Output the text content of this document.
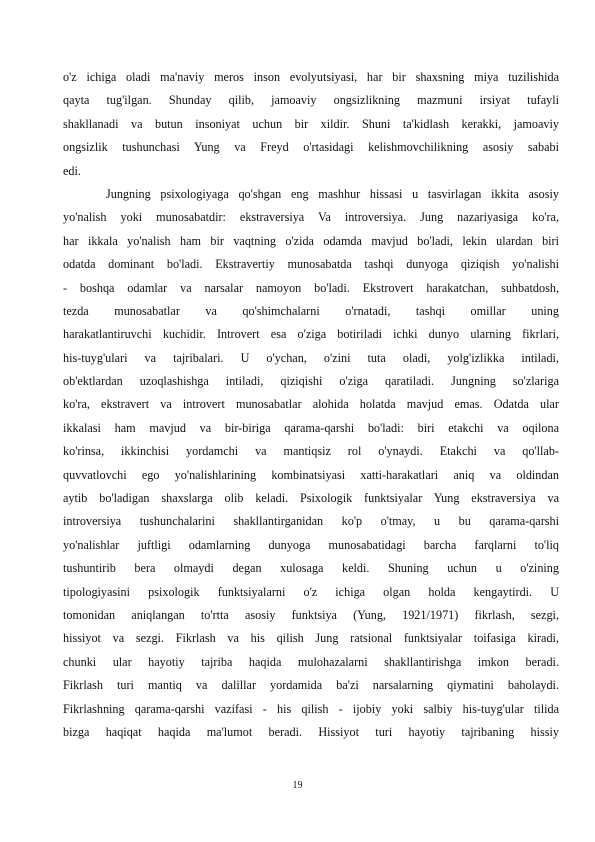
o'z ichiga oladi ma'naviy meros inson evolyutsiyasi, har bir shaxsning miya tuzilishida
qayta tug'ilgan. Shunday qilib, jamoaviy ongsizlikning mazmuni irsiyat tufayli
shakllanadi va butun insoniyat uchun bir xildir. Shuni ta'kidlash kerakki, jamoaviy
ongsizlik tushunchasi Yung va Freyd o'rtasidagi kelishmovchilikning asosiy sababi
edi.
Jungning psixologiyaga qo'shgan eng mashhur hissasi u tasvirlagan ikkita asosiy
yo'nalish yoki munosabatdir: ekstraversiya Va introversiya. Jung nazariyasiga ko'ra,
har ikkala yo'nalish ham bir vaqtning o'zida odamda mavjud bo'ladi, lekin ulardan biri
odatda dominant bo'ladi. Ekstravertiy munosabatda tashqi dunyoga qiziqish yo'nalishi
- boshqa odamlar va narsalar namoyon bo'ladi. Ekstrovert harakatchan, suhbatdosh,
tezda munosabatlar va qo'shimchalarni o'rnatadi, tashqi omillar uning
harakatlantiruvchi kuchidir. Introvert esa o'ziga botiriladi ichki dunyo ularning fikrlari,
his-tuyg'ulari va tajribalari. U o'ychan, o'zini tuta oladi, yolg'izlikka intiladi,
ob'ektlardan uzoqlashishga intiladi, qiziqishi o'ziga qaratiladi. Jungning so'zlariga
ko'ra, ekstravert va introvert munosabatlar alohida holatda mavjud emas. Odatda ular
ikkalasi ham mavjud va bir-biriga qarama-qarshi bo'ladi: biri etakchi va oqilona
ko'rinsa, ikkinchisi yordamchi va mantiqsiz rol o'ynaydi. Etakchi va qo'llab-
quvvatlovchi ego yo'nalishlarining kombinatsiyasi xatti-harakatlari aniq va oldindan
aytib bo'ladigan shaxslarga olib keladi. Psixologik funktsiyalar Yung ekstraversiya va
introversiya tushunchalarini shakllantirganidan ko'p o'tmay, u bu qarama-qarshi
yo'nalishlar juftligi odamlarning dunyoga munosabatidagi barcha farqlarni to'liq
tushuntirib bera olmaydi degan xulosaga keldi. Shuning uchun u o'zining
tipologiyasini psixologik funktsiyalarni o'z ichiga olgan holda kengaytirdi. U
tomonidan aniqlangan to'rtta asosiy funktsiya (Yung, 1921/1971) fikrlash, sezgi,
hissiyot va sezgi. Fikrlash va his qilish Jung ratsional funktsiyalar toifasiga kiradi,
chunki ular hayotiy tajriba haqida mulohazalarni shakllantirishga imkon beradi.
Fikrlash turi mantiq va dalillar yordamida ba'zi narsalarning qiymatini baholaydi.
Fikrlashning qarama-qarshi vazifasi - his qilish - ijobiy yoki salbiy his-tuyg'ular tilida
bizga haqiqat haqida ma'lumot beradi. Hissiyot turi hayotiy tajribaning hissiy
19
